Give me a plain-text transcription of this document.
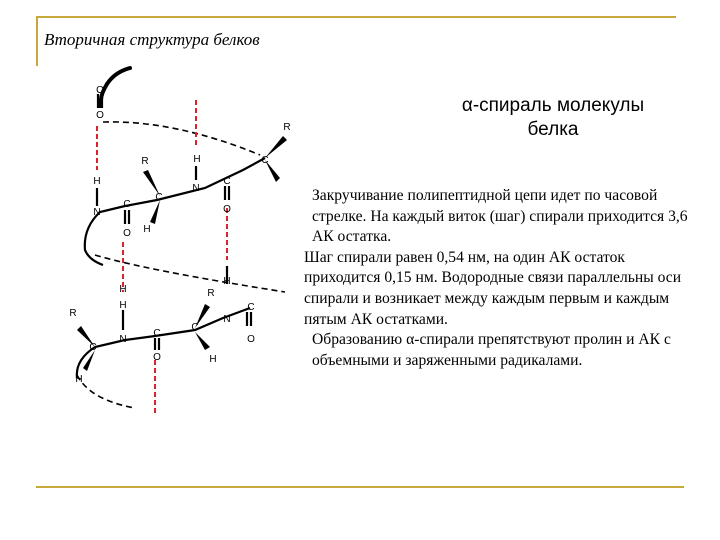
Вторичная структура белков
O
O
R
C
R	H
C
N
H
N
C
O H
C
O
R
H
H
N
C
O
R
H
C
N
C
O
C
H
H
α-спираль молекулы
белка

Закручивание полипептидной цепи идет по часовой стрелке. На каждый виток (шаг) спирали приходится 3,6 АК остатка.

Шаг спирали равен 0,54 нм, на один АК остаток приходится 0,15 нм. Водородные связи параллельны оси спирали и возникает между каждым первым и каждым пятым АК остатками.

Образованию α-спирали препятствуют пролин и АК с объемными и заряженными радикалами.
